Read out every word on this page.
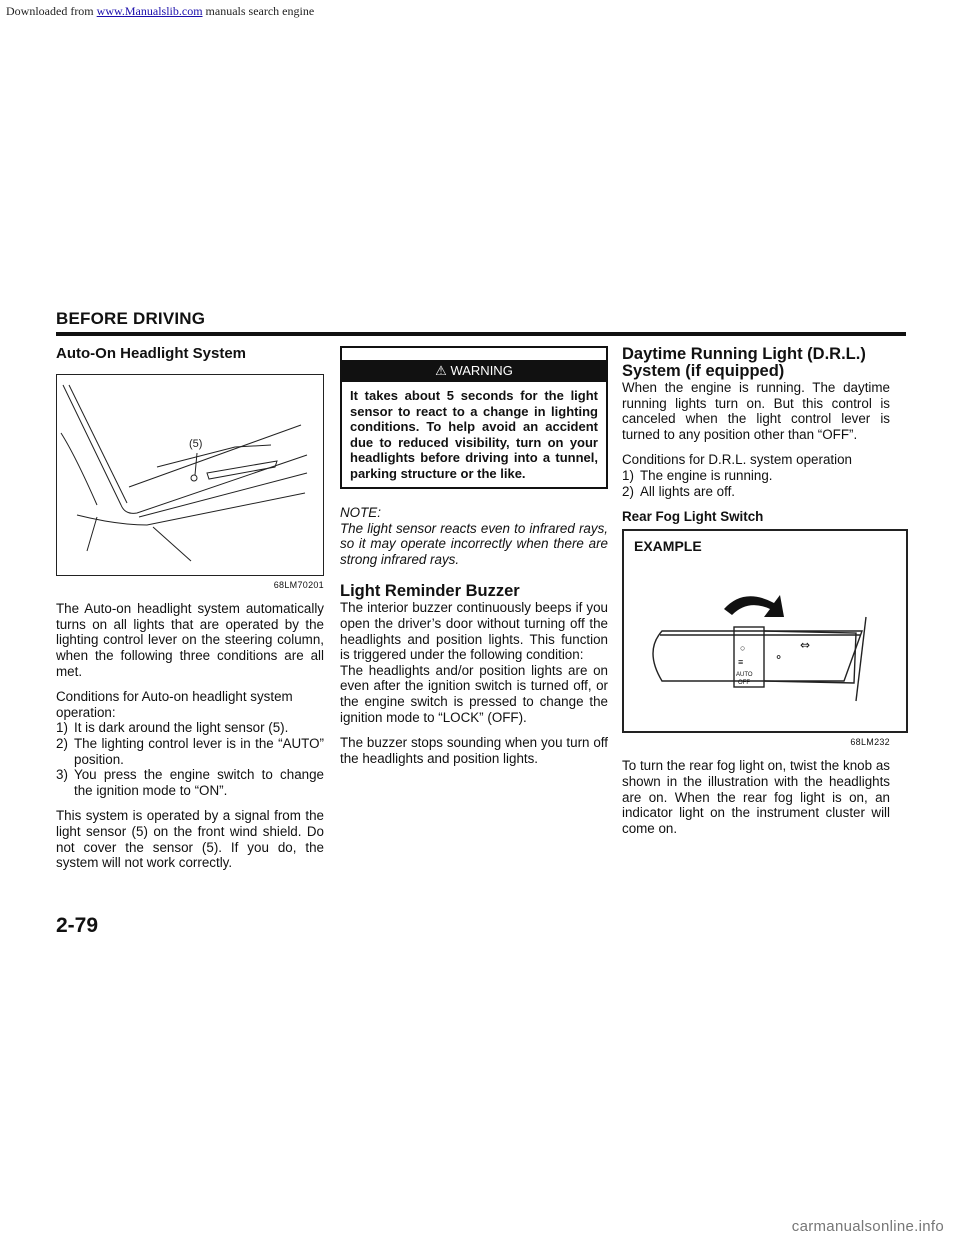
Downloaded from www.Manualslib.com manuals search engine
BEFORE DRIVING
Auto-On Headlight System
(5)
68LM70201

The Auto-on headlight system automatically turns on all lights that are operated by the lighting control lever on the steering column, when the following three conditions are all met.

Conditions for Auto-on headlight system operation:
1) It is dark around the light sensor (5).
2) The lighting control lever is in the “AUTO” position.
3) You press the engine switch to change the ignition mode to “ON”.

This system is operated by a signal from the light sensor (5) on the front wind shield. Do not cover the sensor (5). If you do, the system will not work correctly.

⚠ WARNING
It takes about 5 seconds for the light sensor to react to a change in lighting conditions. To help avoid an accident due to reduced visibility, turn on your headlights before driving into a tunnel, parking structure or the like.
NOTE:
The light sensor reacts even to infrared rays, so it may operate incorrectly when there are strong infrared rays.
Light Reminder Buzzer

The interior buzzer continuously beeps if you open the driver’s door without turning off the headlights and position lights. This function is triggered under the following condition:

The headlights and/or position lights are on even after the ignition switch is turned off, or the engine switch is pressed to change the ignition mode to “LOCK” (OFF).

The buzzer stops sounding when you turn off the headlights and position lights.

Daytime Running Light (D.R.L.)
System (if equipped)

When the engine is running. The daytime running lights turn on. But this control is canceled when the light control lever is turned to any position other than “OFF”.

Conditions for D.R.L. system operation
1) The engine is running.
2) All lights are off.
Rear Fog Light Switch
EXAMPLE
○
≡
AUTO
OFF
⚬
⇔
68LM232

To turn the rear fog light on, twist the knob as shown in the illustration with the headlights are on. When the rear fog light is on, an indicator light on the instrument cluster will come on.

2-79
carmanualsonline.info
